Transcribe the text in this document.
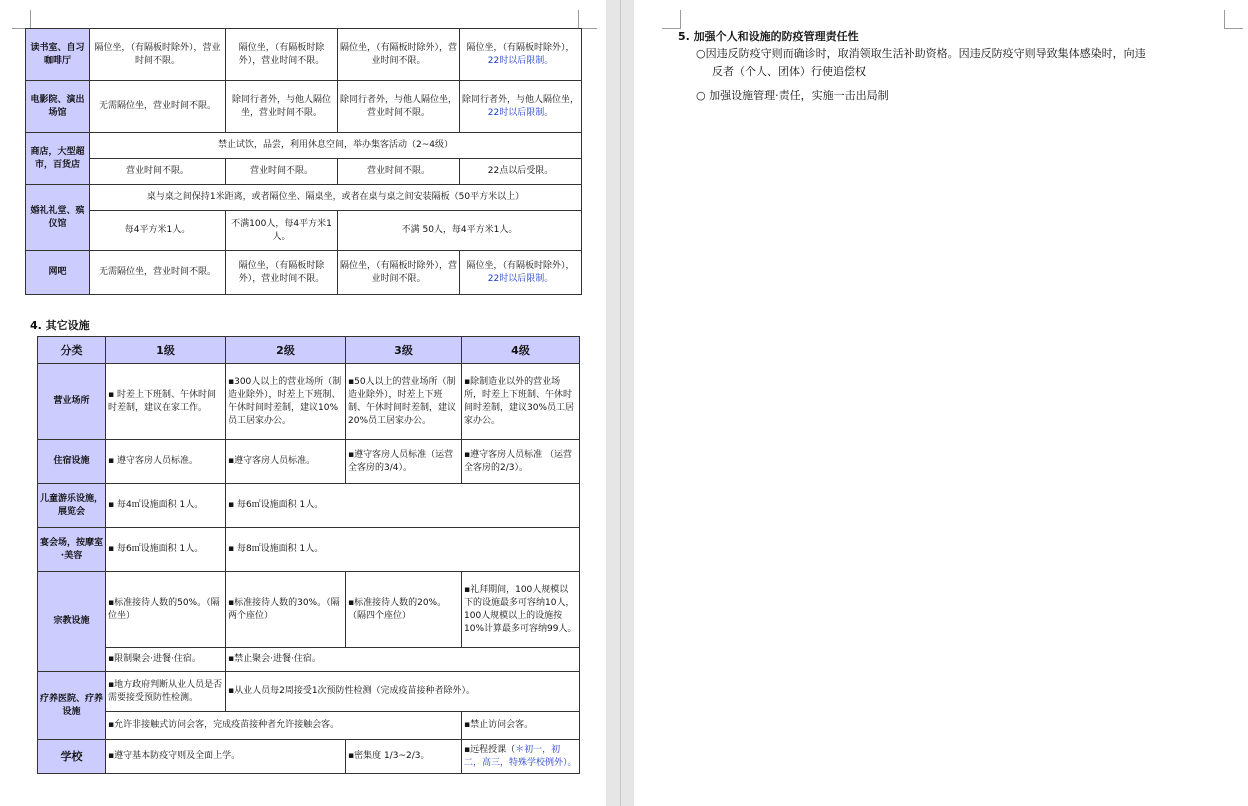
读书室、自习咖啡厅	隔位坐，（有隔板时除外），营业时间不限。	隔位坐，（有隔板时除外），营业时间不限。	隔位坐，（有隔板时除外），营业时间不限。	隔位坐，（有隔板时除外），
22时以后限制。
电影院、演出场馆	无需隔位坐，营业时间不限。	除同行者外，与他人隔位坐，营业时间不限。	除同行者外，与他人隔位坐，营业时间不限。	除同行者外，与他人隔位坐，
22时以后限制。
商店，大型超市，百货店	禁止试饮，品尝，利用休息空间，举办集客活动（2~4级）			
	营业时间不限。	营业时间不限。	营业时间不限。	22点以后受限。
婚礼礼堂、殡仪馆	桌与桌之间保持1米距离，或者隔位坐、隔桌坐，或者在桌与桌之间安装隔板（50平方米以上）			
	每4平方米1人。	不满100人，每4平方米1人。	不满 50人，每4平方米1人。	
网吧	无需隔位坐，营业时间不限。	隔位坐，（有隔板时除外），营业时间不限。	隔位坐，（有隔板时除外），营业时间不限。	隔位坐，（有隔板时除外），
22时以后限制。
4. 其它设施
分类	1级	2级	3级	4级
营业场所	▪ 时差上下班制、午休时间时差制，建议在家工作。	▪300人以上的营业场所（制造业除外），时差上下班制、午休时间时差制，建议10%员工居家办公。	▪50人以上的营业场所（制造业除外），时差上下班制、午休时间时差制，建议20%员工居家办公。	▪除制造业以外的营业场所，时差上下班制、午休时间时差制，建议30%员工居家办公。
住宿设施	▪ 遵守客房人员标准。	▪遵守客房人员标准。	▪遵守客房人员标准（运营全客房的3/4）。	▪遵守客房人员标准 （运营全客房的2/3）。
儿童游乐设施，展览会	▪ 每4㎡设施面积 1人。	▪ 每6㎡设施面积 1人。		
宴会场，按摩室·美容	▪ 每6㎡设施面积 1人。	▪ 每8㎡设施面积 1人。		
宗教设施	▪标准接待人数的50%。（隔位坐）	▪标准接待人数的30%。（隔两个座位）	▪标准接待人数的20%。（隔四个座位）	▪礼拜期间，100人规模以下的设施最多可容纳10人，100人规模以上的设施按10%计算最多可容纳99人。
	▪限制聚会·进餐·住宿。	▪禁止聚会·进餐·住宿。		
疗养医院、疗养设施	▪地方政府判断从业人员是否需要接受预防性检测。	▪从业人员每2周接受1次预防性检测（完成疫苗接种者除外）。		
	▪允许非接触式访问会客，完成疫苗接种者允许接触会客。			▪禁止访问会客。
学校	▪遵守基本防疫守则及全面上学。		▪密集度 1/3~2/3。	▪远程授课（＊初一，初二，高三，特殊学校例外）。
5. 加强个人和设施的防疫管理责任性
○因违反防疫守则而确诊时，取消领取生活补助资格。因违反防疫守则导致集体感染时，向违
反者（个人、团体）行使追偿权
○ 加强设施管理·责任，实施一击出局制
